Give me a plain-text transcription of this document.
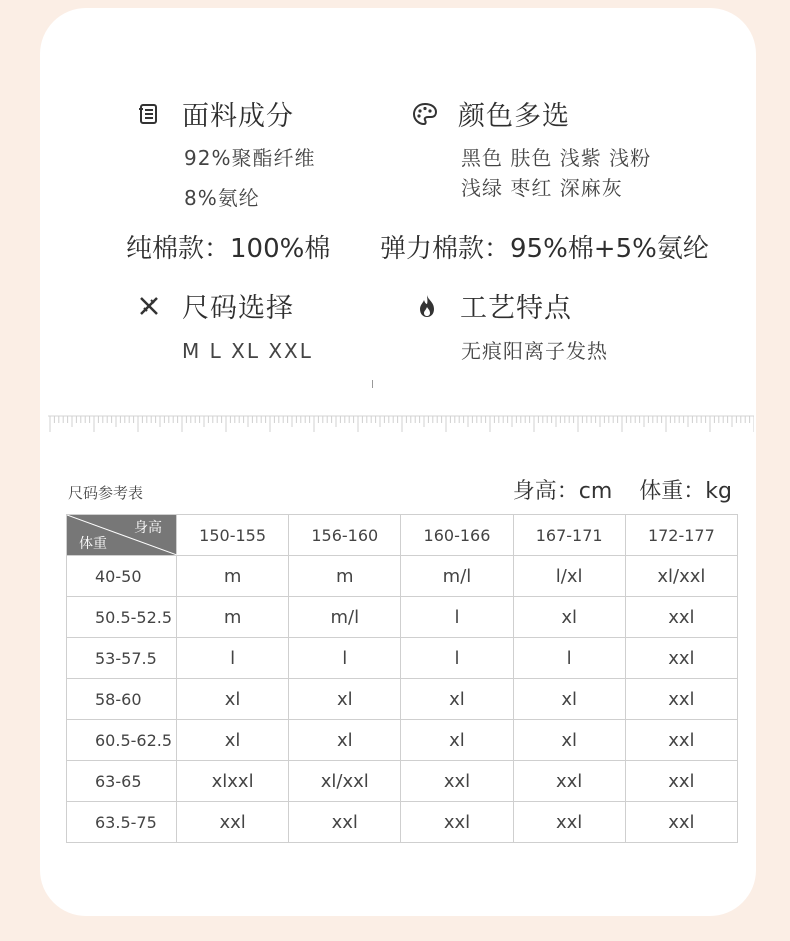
面料成分
92%聚酯纤维
8%氨纶
颜色多选
黑色 肤色 浅紫 浅粉
浅绿 枣红 深麻灰
纯棉款：100%棉 弹力棉款：95%棉+5%氨纶
尺码选择
M L XL XXL
工艺特点
无痕阳离子发热
尺码参考表	身高：cm 体重：kg
身高
体重	150-155	156-160	160-166	167-171	172-177
40-50	m	m	m/l	l/xl	xl/xxl
50.5-52.5	m	m/l	l	xl	xxl
53-57.5	l	l	l	l	xxl
58-60	xl	xl	xl	xl	xxl
60.5-62.5	xl	xl	xl	xl	xxl
63-65	xlxxl	xl/xxl	xxl	xxl	xxl
63.5-75	xxl	xxl	xxl	xxl	xxl
